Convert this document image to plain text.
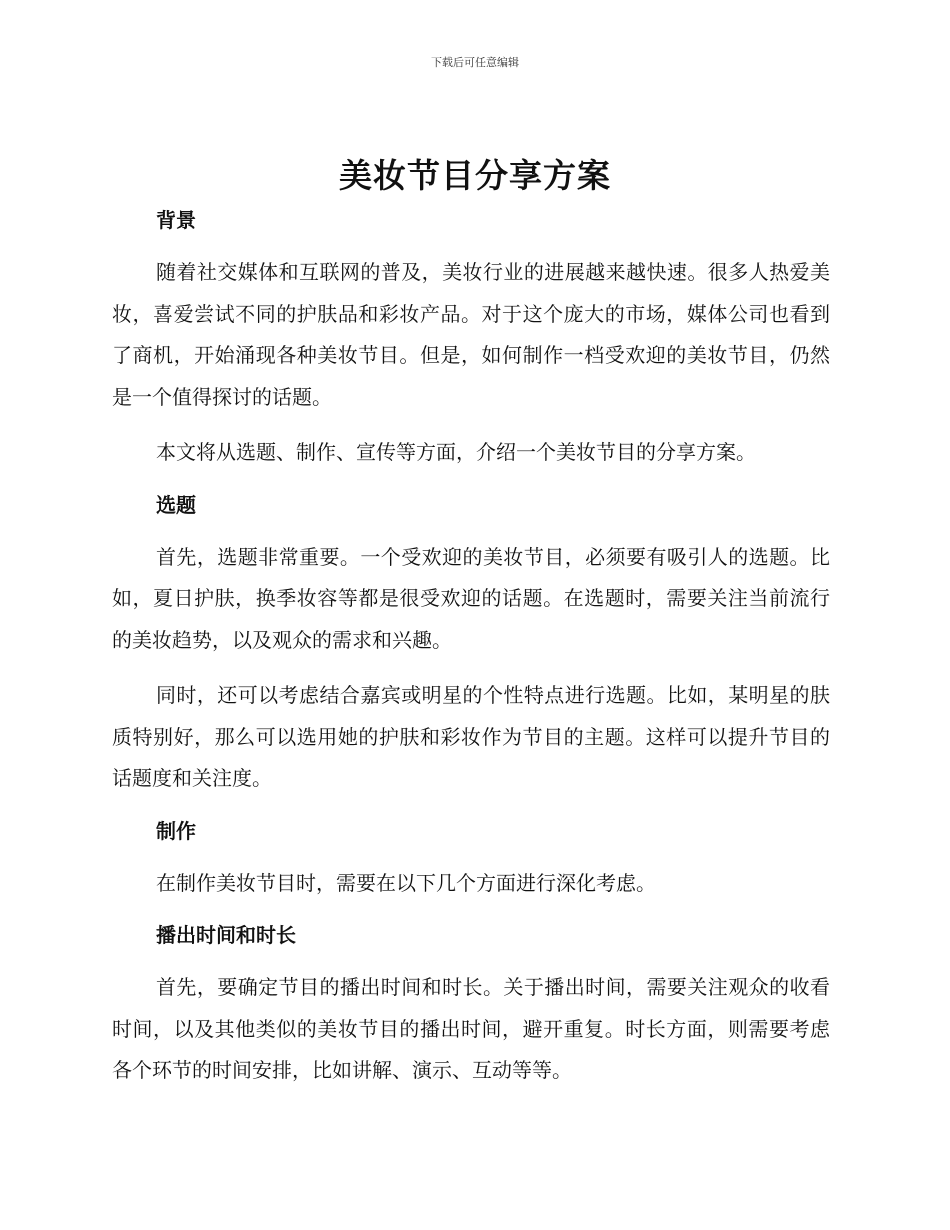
下载后可任意编辑
美妆节目分享方案
背景

随着社交媒体和互联网的普及，美妆行业的进展越来越快速。很多人热爱美妆，喜爱尝试不同的护肤品和彩妆产品。对于这个庞大的市场，媒体公司也看到了商机，开始涌现各种美妆节目。但是，如何制作一档受欢迎的美妆节目，仍然是一个值得探讨的话题。

本文将从选题、制作、宣传等方面，介绍一个美妆节目的分享方案。

选题

首先，选题非常重要。一个受欢迎的美妆节目，必须要有吸引人的选题。比如，夏日护肤，换季妆容等都是很受欢迎的话题。在选题时，需要关注当前流行的美妆趋势，以及观众的需求和兴趣。

同时，还可以考虑结合嘉宾或明星的个性特点进行选题。比如，某明星的肤质特别好，那么可以选用她的护肤和彩妆作为节目的主题。这样可以提升节目的话题度和关注度。

制作

在制作美妆节目时，需要在以下几个方面进行深化考虑。

播出时间和时长

首先，要确定节目的播出时间和时长。关于播出时间，需要关注观众的收看时间，以及其他类似的美妆节目的播出时间，避开重复。时长方面，则需要考虑各个环节的时间安排，比如讲解、演示、互动等等。
